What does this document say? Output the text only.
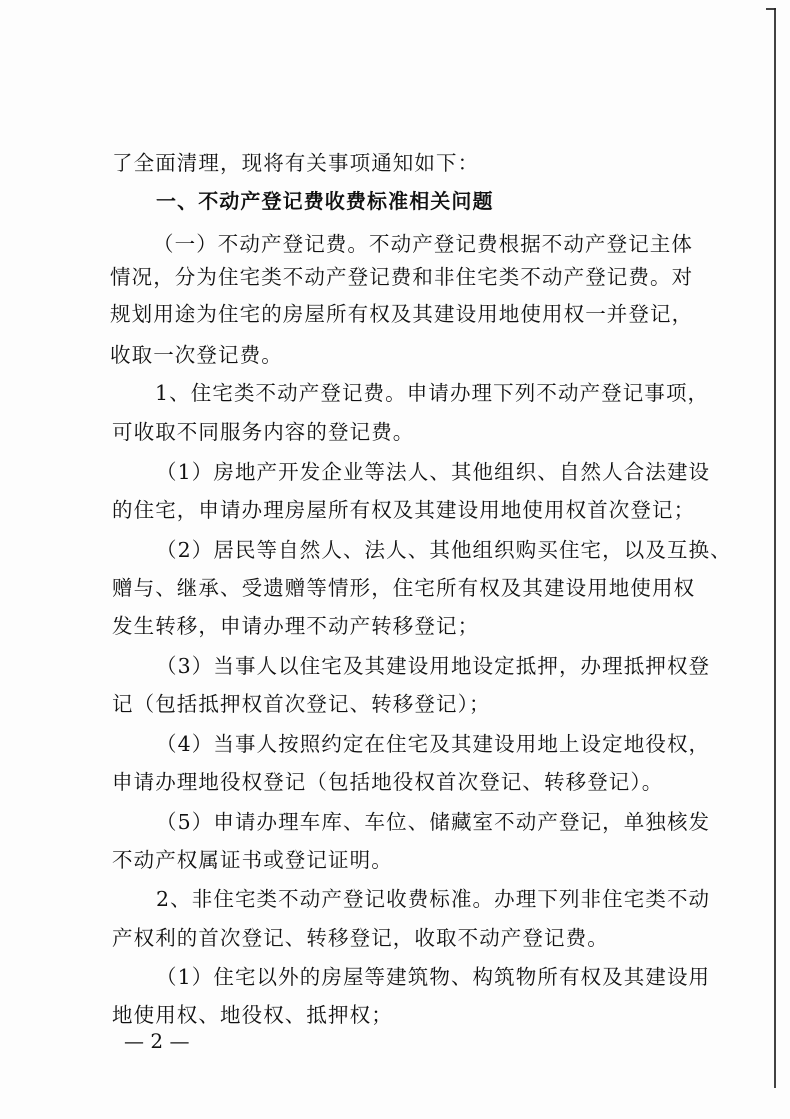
了全面清理，现将有关事项通知如下：
一、不动产登记费收费标准相关问题
（一）不动产登记费。不动产登记费根据不动产登记主体
情况，分为住宅类不动产登记费和非住宅类不动产登记费。对
规划用途为住宅的房屋所有权及其建设用地使用权一并登记，
收取一次登记费。
1、住宅类不动产登记费。申请办理下列不动产登记事项，
可收取不同服务内容的登记费。
（1）房地产开发企业等法人、其他组织、自然人合法建设
的住宅，申请办理房屋所有权及其建设用地使用权首次登记；
（2）居民等自然人、法人、其他组织购买住宅，以及互换、
赠与、继承、受遗赠等情形，住宅所有权及其建设用地使用权
发生转移，申请办理不动产转移登记；
（3）当事人以住宅及其建设用地设定抵押，办理抵押权登
记（包括抵押权首次登记、转移登记）；
（4）当事人按照约定在住宅及其建设用地上设定地役权，
申请办理地役权登记（包括地役权首次登记、转移登记）。
（5）申请办理车库、车位、储藏室不动产登记，单独核发
不动产权属证书或登记证明。
2、非住宅类不动产登记收费标准。办理下列非住宅类不动
产权利的首次登记、转移登记，收取不动产登记费。
（1）住宅以外的房屋等建筑物、构筑物所有权及其建设用
地使用权、地役权、抵押权；
— 2 —
